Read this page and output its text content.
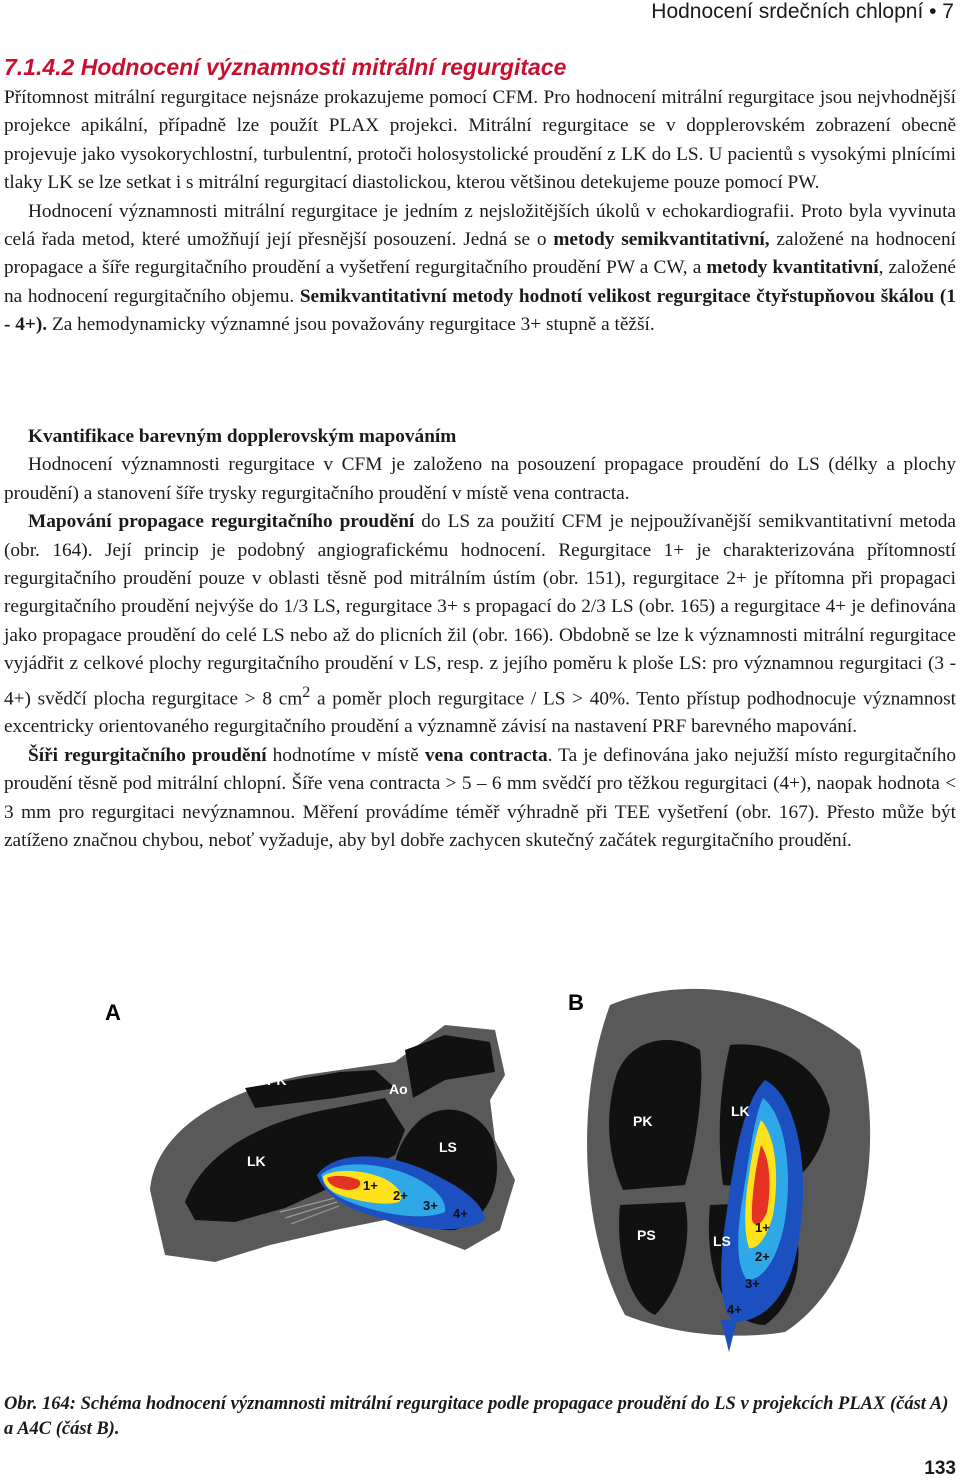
Hodnocení srdečních chlopní • 7
7.1.4.2 Hodnocení významnosti mitrální regurgitace

Přítomnost mitrální regurgitace nejsnáze prokazujeme pomocí CFM. Pro hodnocení mitrální regurgitace jsou nejvhodnější projekce apikální, případně lze použít PLAX projekci. Mitrální regurgitace se v dopplerovském zobrazení obecně projevuje jako vysokorychlostní, turbulentní, protoči holosystolické proudění z LK do LS. U pacientů s vysokými plnícími tlaky LK se lze setkat i s mitrální regurgitací diastolickou, kterou většinou detekujeme pouze pomocí PW.

Hodnocení významnosti mitrální regurgitace je jedním z nejsložitějších úkolů v echokardiografii. Proto byla vyvinuta celá řada metod, které umožňují její přesnější posouzení. Jedná se o metody semikvantitativní, založené na hodnocení propagace a šíře regurgitačního proudění a vyšetření regurgitačního proudění PW a CW, a metody kvantitativní, založené na hodnocení regurgitačního objemu. Semikvantitativní metody hodnotí velikost regurgitace čtyřstupňovou škálou (1 - 4+). Za hemodynamicky významné jsou považovány regurgitace 3+ stupně a těžší.

Kvantifikace barevným dopplerovským mapováním

Hodnocení významnosti regurgitace v CFM je založeno na posouzení propagace proudění do LS (délky a plochy proudění) a stanovení šíře trysky regurgitačního proudění v místě vena contracta.

Mapování propagace regurgitačního proudění do LS za použití CFM je nejpoužívanější semikvantitativní metoda (obr. 164). Její princip je podobný angiografickému hodnocení. Regurgitace 1+ je charakterizována přítomností regurgitačního proudění pouze v oblasti těsně pod mitrálním ústím (obr. 151), regurgitace 2+ je přítomna při propagaci regurgitačního proudění nejvýše do 1/3 LS, regurgitace 3+ s propagací do 2/3 LS (obr. 165) a regurgitace 4+ je definována jako propagace proudění do celé LS nebo až do plicních žil (obr. 166). Obdobně se lze k významnosti mitrální regurgitace vyjádřit z celkové plochy regurgitačního proudění v LS, resp. z jejího poměru k ploše LS: pro významnou regurgitaci (3 - 4+) svědčí plocha regurgitace > 8 $cm^2$ a poměr ploch regurgitace / LS > 40%. Tento přístup podhodnocuje významnost excentricky orientovaného regurgitačního proudění a významně závisí na nastavení PRF barevného mapování.

Šíři regurgitačního proudění hodnotíme v místě vena contracta. Ta je definována jako nejužší místo regurgitačního proudění těsně pod mitrální chlopní. Šíře vena contracta > 5 – 6 mm svědčí pro těžkou regurgitaci (4+), naopak hodnota < 3 mm pro regurgitaci nevýznamnou. Měření provádíme téměř výhradně při TEE vyšetření (obr. 167). Přesto může být zatíženo značnou chybou, neboť vyžaduje, aby byl dobře zachycen skutečný začátek regurgitačního proudění.

A
PK
Ao
LK
LS
1+
2+
3+
4+
B
PK
LK
PS	LS
1+
2+
3+
4+

Obr. 164: Schéma hodnocení významnosti mitrální regurgitace podle propagace proudění do LS v projekcích PLAX (část A) a A4C (část B).

133
